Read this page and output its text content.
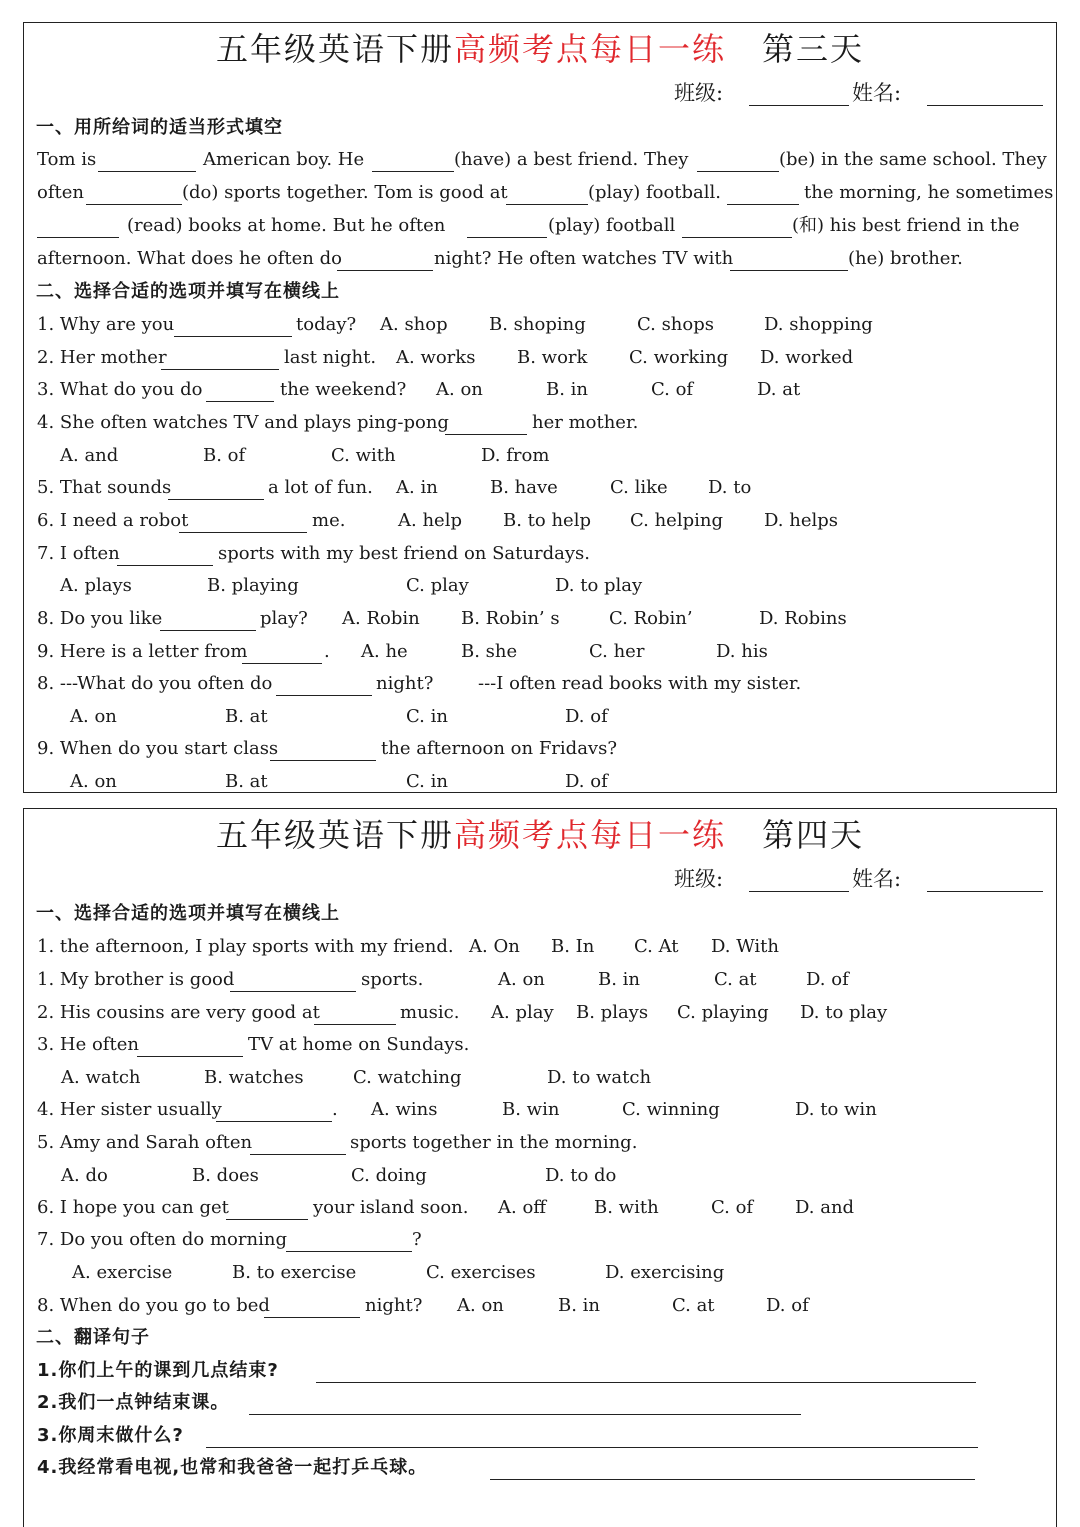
五年级英语下册高频考点每日一练 第三天
班级:	姓名:
一、用所给词的适当形式填空
Tom is	American boy. He	(have) a best friend. They	(be) in the same school. They
often	(do) sports together. Tom is good at	(play) football.	the morning, he sometimes
(read) books at home. But he often	(play) football	(和) his best friend in the
afternoon. What does he often do	night? He often watches TV with	(he) brother.
二、选择合适的选项并填写在横线上
1. Why are you	today? A. shop B. shoping	C. shops	D. shopping
2. Her mother	last night. A. works B. work C. working D. worked
3. What do you do	the weekend? A. on	B. in	C. of	D. at
4. She often watches TV and plays ping-pong	her mother.
A. and	B. of	C. with	D. from
5. That sounds	a lot of fun. A. in	B. have	C. like D. to
6. I need a robot	me.	A. help B. to help C. helping D. helps
7. I often	sports with my best friend on Saturdays.
A. plays	B. playing	C. play	D. to play
8. Do you like	play? A. Robin B. Robin’ s	C. Robin’	D. Robins
9. Here is a letter from	. A. he	B. she	C. her	D. his
8. ---What do you often do	night? ---I often read books with my sister.
A. on	B. at	C. in	D. of
9. When do you start class	the afternoon on Fridavs?
A. on	B. at	C. in	D. of
五年级英语下册高频考点每日一练 第四天
班级:	姓名:
一、选择合适的选项并填写在横线上
1. the afternoon, I play sports with my friend. A. On B. In C. At D. With
1. My brother is good	sports.	A. on	B. in	C. at	D. of
2. His cousins are very good at	music. A. play B. plays C. playing D. to play
3. He often	TV at home on Sundays.
A. watch	B. watches	C. watching	D. to watch
4. Her sister usually	. A. wins	B. win	C. winning	D. to win
5. Amy and Sarah often	sports together in the morning.
A. do	B. does	C. doing	D. to do
6. I hope you can get	your island soon. A. off	B. with	C. of D. and
7. Do you often do morning	?
A. exercise	B. to exercise	C. exercises	D. exercising
8. When do you go to bed	night? A. on	B. in	C. at	D. of
二、翻译句子
1.你们上午的课到几点结束?
2.我们一点钟结束课。
3.你周末做什么?
4.我经常看电视,也常和我爸爸一起打乒乓球。
